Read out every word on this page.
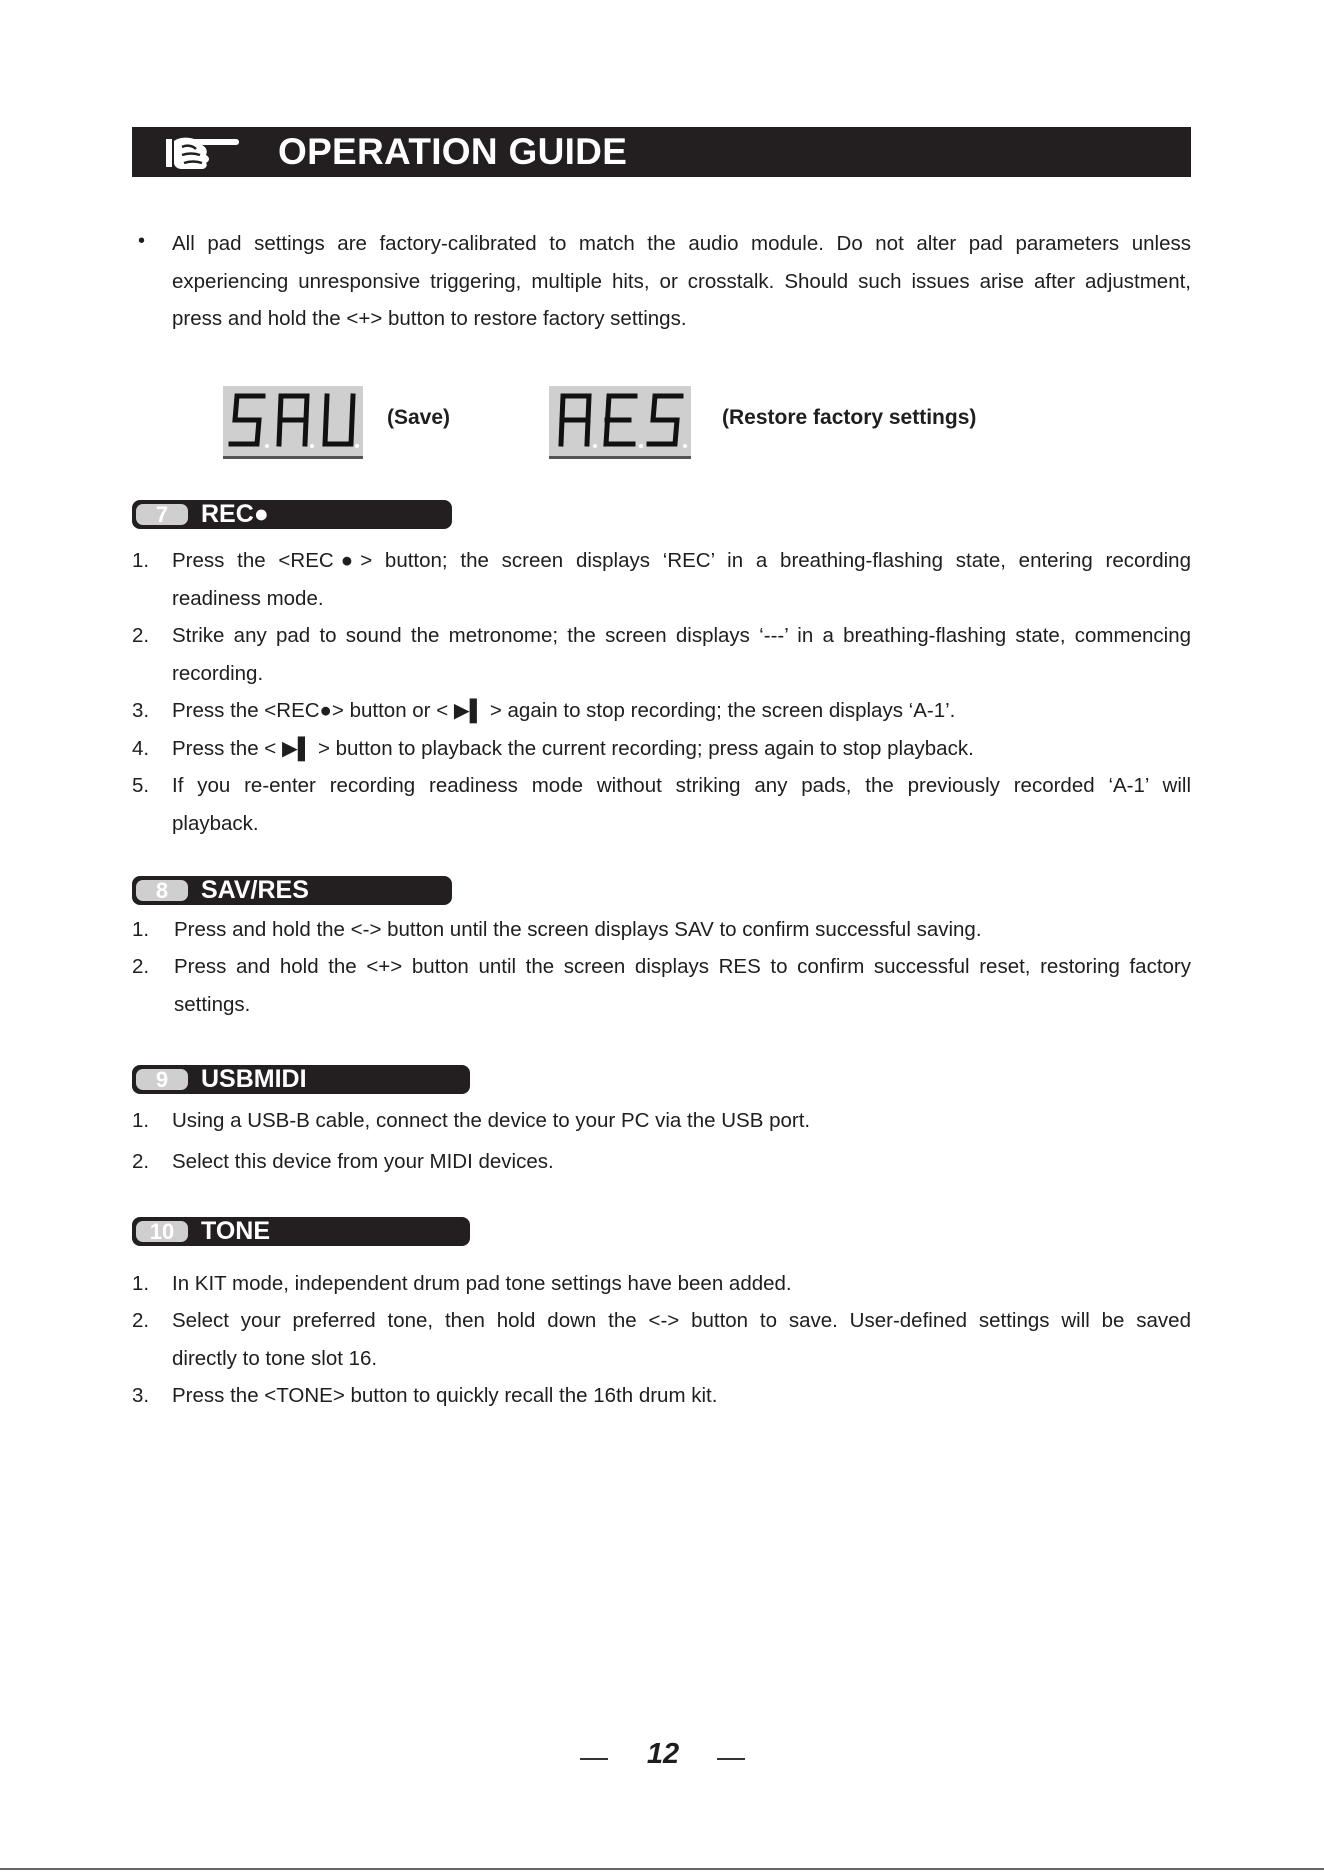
OPERATION GUIDE
• All pad settings are factory-calibrated to match the audio module. Do not alter pad parameters unless
experiencing unresponsive triggering, multiple hits, or crosstalk. Should such issues arise after adjustment,
press and hold the <+> button to restore factory settings.
(Save)	(Restore factory settings)
7	REC●
1. Press the <REC●> button; the screen displays ‘REC’ in a breathing-flashing state, entering recording
readiness mode.
2. Strike any pad to sound the metronome; the screen displays ‘---’ in a breathing-flashing state, commencing
recording.
3. Press the <REC●> button or < ▶▌ > again to stop recording; the screen displays ‘A-1’.
4. Press the < ▶▌ > button to playback the current recording; press again to stop playback.
5. If you re-enter recording readiness mode without striking any pads, the previously recorded ‘A-1’ will
playback.
8	SAV/RES
1. Press and hold the <-> button until the screen displays SAV to confirm successful saving.
2. Press and hold the <+> button until the screen displays RES to confirm successful reset, restoring factory
settings.
9	USBMIDI
1. Using a USB-B cable, connect the device to your PC via the USB port.
2. Select this device from your MIDI devices.
10	TONE
1. In KIT mode, independent drum pad tone settings have been added.
2. Select your preferred tone, then hold down the <-> button to save. User-defined settings will be saved
directly to tone slot 16.
3. Press the <TONE> button to quickly recall the 16th drum kit.
12
